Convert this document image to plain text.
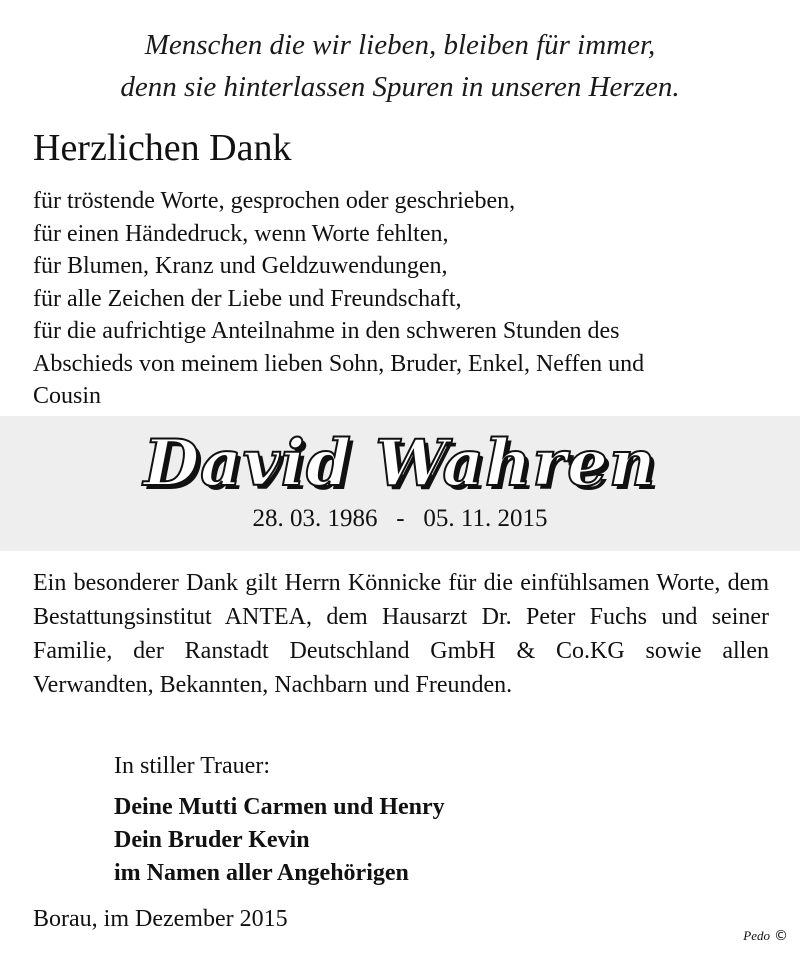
Menschen die wir lieben, bleiben für immer,
denn sie hinterlassen Spuren in unseren Herzen.
Herzlichen Dank
für tröstende Worte, gesprochen oder geschrieben,
für einen Händedruck, wenn Worte fehlten,
für Blumen, Kranz und Geldzuwendungen,
für alle Zeichen der Liebe und Freundschaft,
für die aufrichtige Anteilnahme in den schweren Stunden des
Abschieds von meinem lieben Sohn, Bruder, Enkel, Neffen und
Cousin
David Wahren
28. 03. 1986   -   05. 11. 2015
Ein besonderer Dank gilt Herrn Könnicke für die einfühlsamen Worte, dem Bestattungsinstitut ANTEA, dem Hausarzt Dr. Peter Fuchs und seiner Familie, der Ranstadt Deutschland GmbH & Co.KG sowie allen Verwandten, Bekannten, Nachbarn und Freunden.
In stiller Trauer:
Deine Mutti Carmen und Henry
Dein Bruder Kevin
im Namen aller Angehörigen
Borau, im Dezember 2015
Pedo ©
